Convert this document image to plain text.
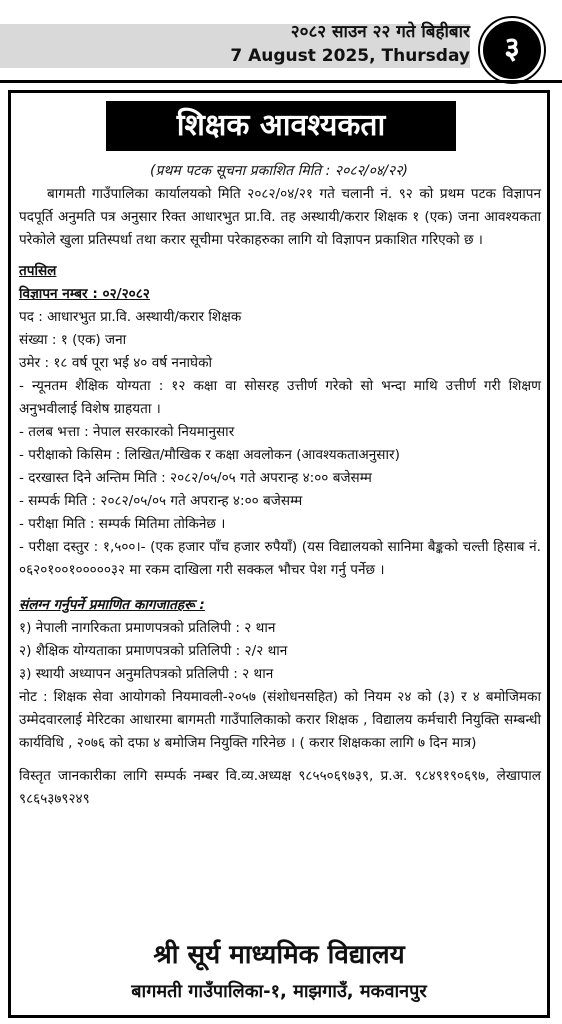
२०८२ साउन २२ गते बिहीबार
7 August 2025, Thursday	३
शिक्षक आवश्यकता
(प्रथम पटक सूचना प्रकाशित मिति : २०८२/०४/२२)

बागमती गाउँपालिका कार्यालयको मिति २०८२/०४/२१ गते चलानी नं. ९२ को प्रथम पटक विज्ञापन पदपूर्ति अनुमति पत्र अनुसार रिक्त आधारभुत प्रा.वि. तह अस्थायी/करार शिक्षक १ (एक) जना आवश्यकता परेकोले खुला प्रतिस्पर्धा तथा करार सूचीमा परेकाहरुका लागि यो विज्ञापन प्रकाशित गरिएको छ ।

तपसिल
विज्ञापन नम्बर : ०२/२०८२

पद : आधारभुत प्रा.वि. अस्थायी/करार शिक्षक

संख्या : १ (एक) जना

उमेर : १८ वर्ष पूरा भई ४० वर्ष ननाघेको

- न्यूनतम शैक्षिक योग्यता : १२ कक्षा वा सोसरह उत्तीर्ण गरेको सो भन्दा माथि उत्तीर्ण गरी शिक्षण अनुभवीलाई विशेष ग्राहयता ।

- तलब भत्ता : नेपाल सरकारको नियमानुसार

- परीक्षाको किसिम : लिखित/मौखिक र कक्षा अवलोकन (आवश्यकताअनुसार)

- दरखास्त दिने अन्तिम मिति : २०८२/०५/०५ गते अपरान्ह ४:०० बजेसम्म

- सम्पर्क मिति : २०८२/०५/०५ गते अपरान्ह ४:०० बजेसम्म

- परीक्षा मिति : सम्पर्क मितिमा तोकिनेछ ।

- परीक्षा दस्तुर : १,५००।- (एक हजार पाँच हजार रुपैयाँ) (यस विद्यालयको सानिमा बैङ्कको चल्ती हिसाब नं. ०६२०१००१०००००३२ मा रकम दाखिला गरी सक्कल भौचर पेश गर्नु पर्नेछ ।

संलग्न गर्नुपर्ने प्रमाणित कागजातहरू :

१) नेपाली नागरिकता प्रमाणपत्रको प्रतिलिपी : २ थान

२) शैक्षिक योग्यताका प्रमाणपत्रको प्रतिलिपी : २/२ थान

३) स्थायी अध्यापन अनुमतिपत्रको प्रतिलिपी : २ थान

नोट : शिक्षक सेवा आयोगको नियमावली-२०५७ (संशोधनसहित) को नियम २४ को (३) र ४ बमोजिमका उम्मेदवारलाई मेरिटका आधारमा बागमती गाउँपालिकाको करार शिक्षक , विद्यालय कर्मचारी नियुक्ति सम्बन्धी कार्यविधि , २०७६ को दफा ४ बमोजिम नियुक्ति गरिनेछ । ( करार शिक्षकका लागि ७ दिन मात्र)

विस्तृत जानकारीका लागि सम्पर्क नम्बर वि.व्य.अध्यक्ष ९८५५०६९७३९, प्र.अ. ९८४९१९०६९७, लेखापाल ९८६५३७९२४९

श्री सूर्य माध्यमिक विद्यालय
बागमती गाउँपालिका-१, माझगाउँ, मकवानपुर
